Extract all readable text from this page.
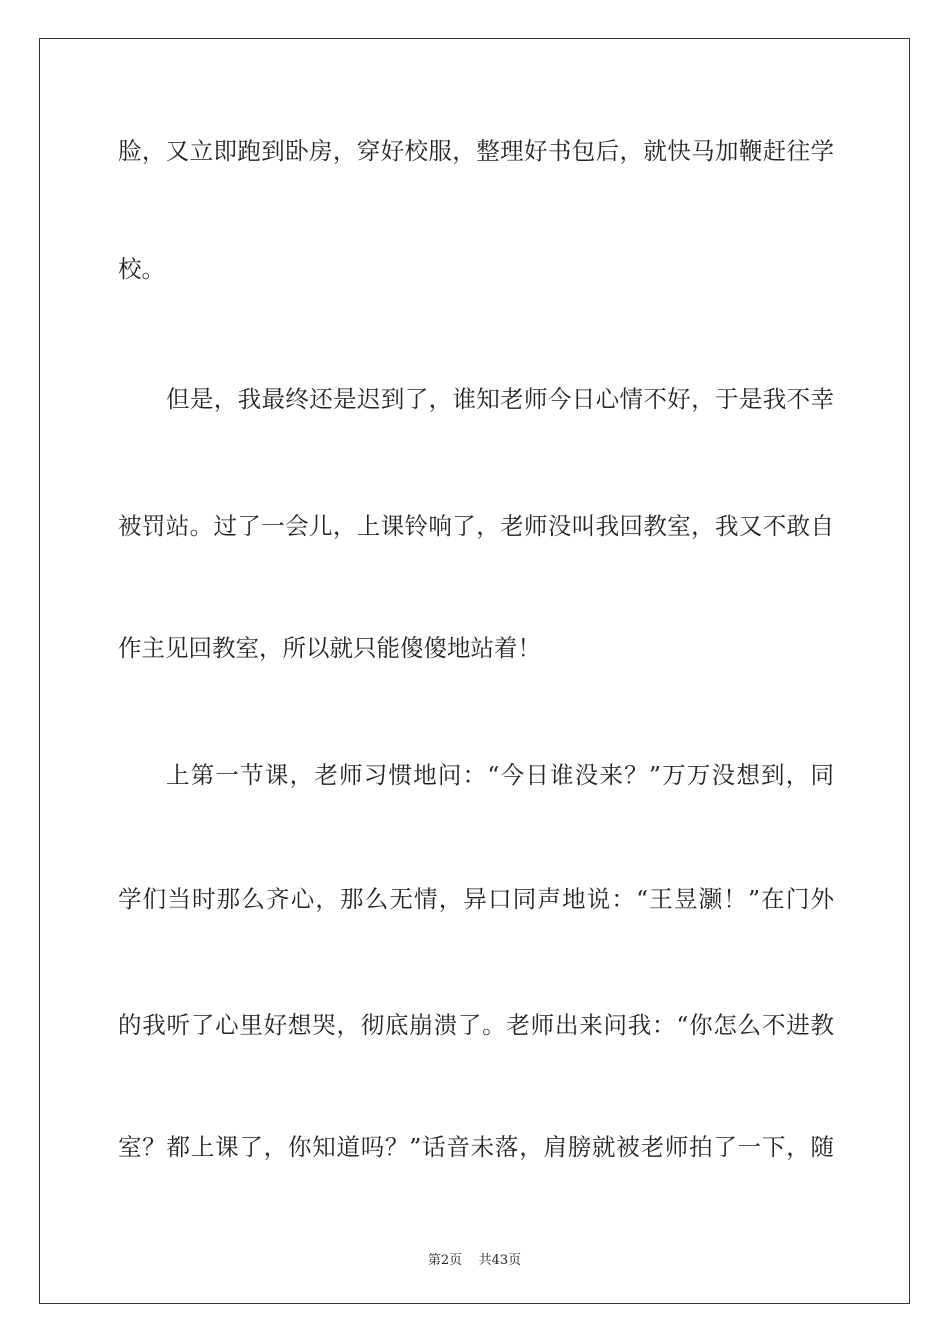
脸，又立即跑到卧房，穿好校服，整理好书包后，就快马加鞭赶往学
校。
但是，我最终还是迟到了，谁知老师今日心情不好，于是我不幸
被罚站。过了一会儿，上课铃响了，老师没叫我回教室，我又不敢自
作主见回教室，所以就只能傻傻地站着！
上第一节课，老师习惯地问：“今日谁没来？”万万没想到，同
学们当时那么齐心，那么无情，异口同声地说：“王昱灏！”在门外
的我听了心里好想哭，彻底崩溃了。老师出来问我：“你怎么不进教
室？都上课了，你知道吗？”话音未落，肩膀就被老师拍了一下，随
第2页 共43页
